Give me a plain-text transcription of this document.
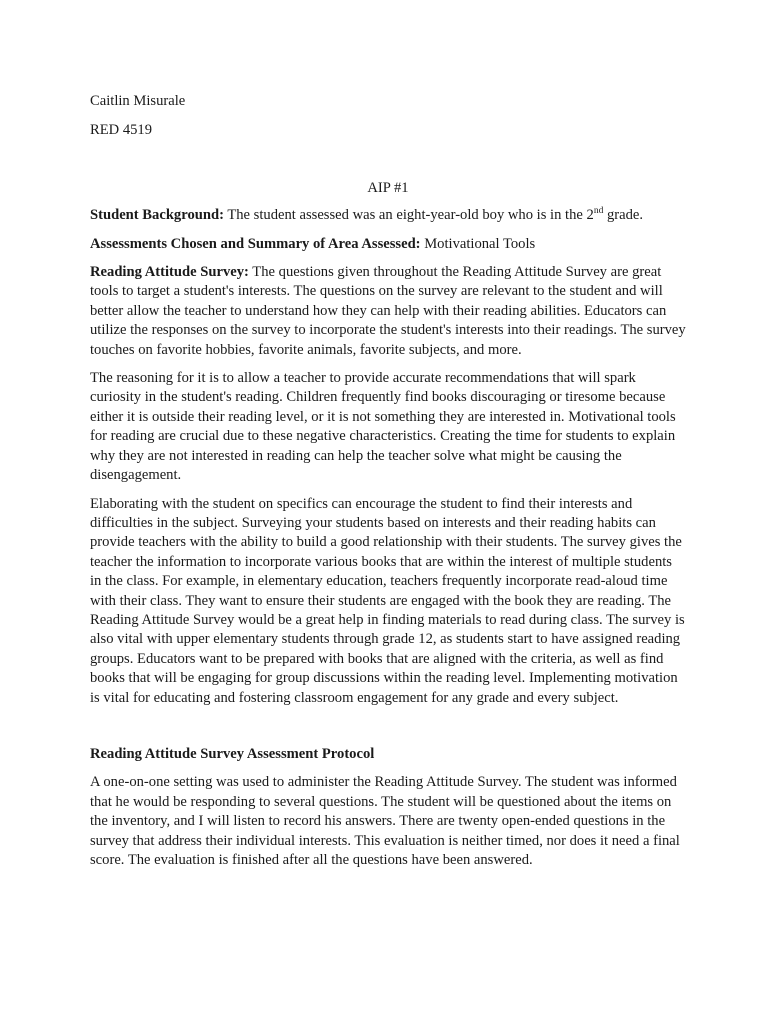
Caitlin Misurale

RED 4519

AIP #1

Student Background: The student assessed was an eight-year-old boy who is in the 2nd grade.

Assessments Chosen and Summary of Area Assessed: Motivational Tools

Reading Attitude Survey: The questions given throughout the Reading Attitude Survey are great tools to target a student's interests. The questions on the survey are relevant to the student and will better allow the teacher to understand how they can help with their reading abilities. Educators can utilize the responses on the survey to incorporate the student's interests into their readings. The survey touches on favorite hobbies, favorite animals, favorite subjects, and more.

The reasoning for it is to allow a teacher to provide accurate recommendations that will spark curiosity in the student's reading. Children frequently find books discouraging or tiresome because either it is outside their reading level, or it is not something they are interested in. Motivational tools for reading are crucial due to these negative characteristics. Creating the time for students to explain why they are not interested in reading can help the teacher solve what might be causing the disengagement.

Elaborating with the student on specifics can encourage the student to find their interests and difficulties in the subject. Surveying your students based on interests and their reading habits can provide teachers with the ability to build a good relationship with their students. The survey gives the teacher the information to incorporate various books that are within the interest of multiple students in the class. For example, in elementary education, teachers frequently incorporate read-aloud time with their class. They want to ensure their students are engaged with the book they are reading. The Reading Attitude Survey would be a great help in finding materials to read during class. The survey is also vital with upper elementary students through grade 12, as students start to have assigned reading groups. Educators want to be prepared with books that are aligned with the criteria, as well as find books that will be engaging for group discussions within the reading level. Implementing motivation is vital for educating and fostering classroom engagement for any grade and every subject.

Reading Attitude Survey Assessment Protocol

A one-on-one setting was used to administer the Reading Attitude Survey. The student was informed that he would be responding to several questions. The student will be questioned about the items on the inventory, and I will listen to record his answers. There are twenty open-ended questions in the survey that address their individual interests. This evaluation is neither timed, nor does it need a final score. The evaluation is finished after all the questions have been answered.
